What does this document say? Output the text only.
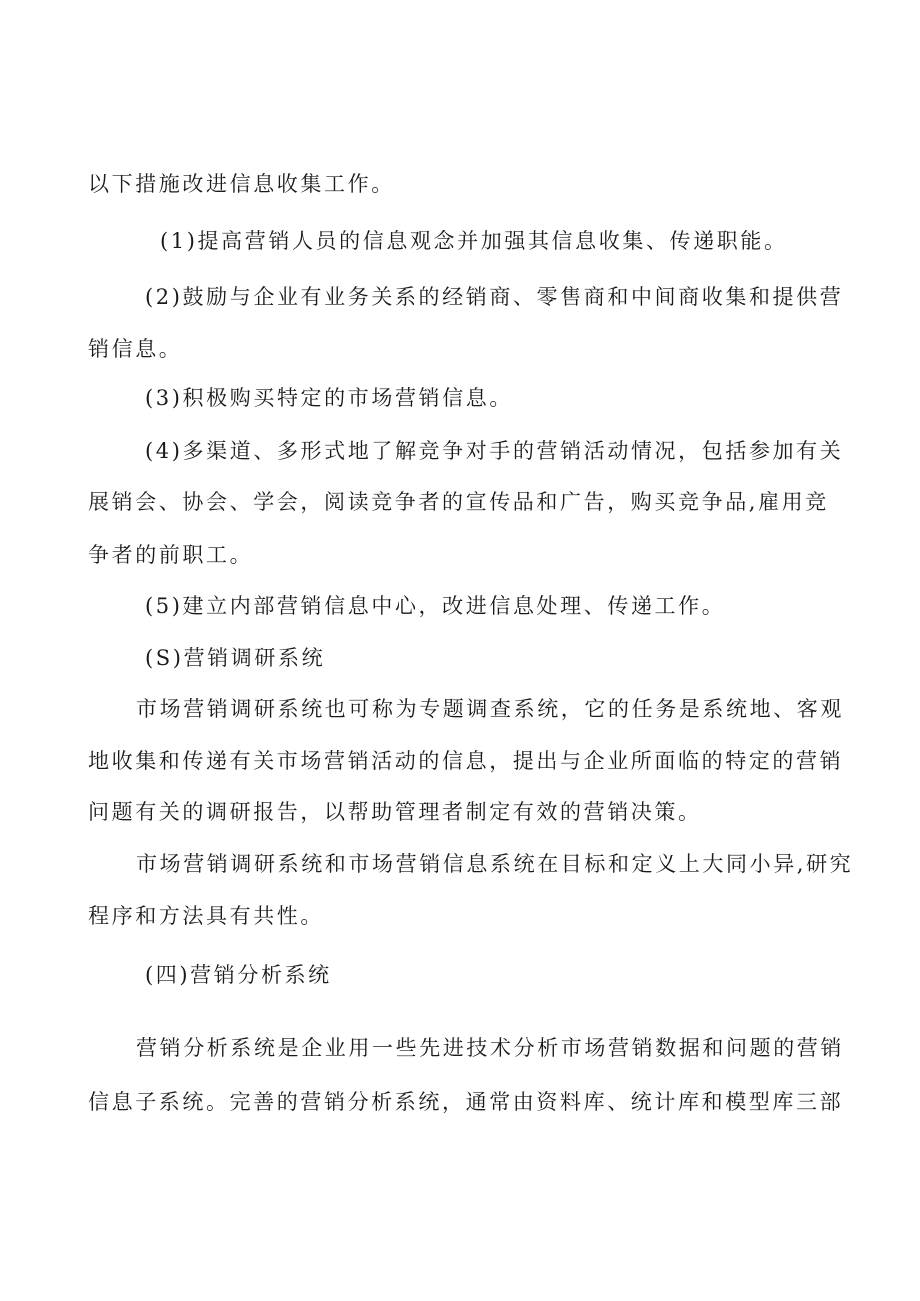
以下措施改进信息收集工作。

(1)提高营销人员的信息观念并加强其信息收集、传递职能。

(2)鼓励与企业有业务关系的经销商、零售商和中间商收集和提供营

销信息。

(3)积极购买特定的市场营销信息。

(4)多渠道、多形式地了解竞争对手的营销活动情况，包括参加有关

展销会、协会、学会，阅读竞争者的宣传品和广告，购买竞争品,雇用竞

争者的前职工。

(5)建立内部营销信息中心，改进信息处理、传递工作。

(S)营销调研系统

市场营销调研系统也可称为专题调查系统，它的任务是系统地、客观

地收集和传递有关市场营销活动的信息，提出与企业所面临的特定的营销

问题有关的调研报告，以帮助管理者制定有效的营销决策。

市场营销调研系统和市场营销信息系统在目标和定义上大同小异,研究

程序和方法具有共性。

(四)营销分析系统

营销分析系统是企业用一些先进技术分析市场营销数据和问题的营销

信息子系统。完善的营销分析系统，通常由资料库、统计库和模型库三部
